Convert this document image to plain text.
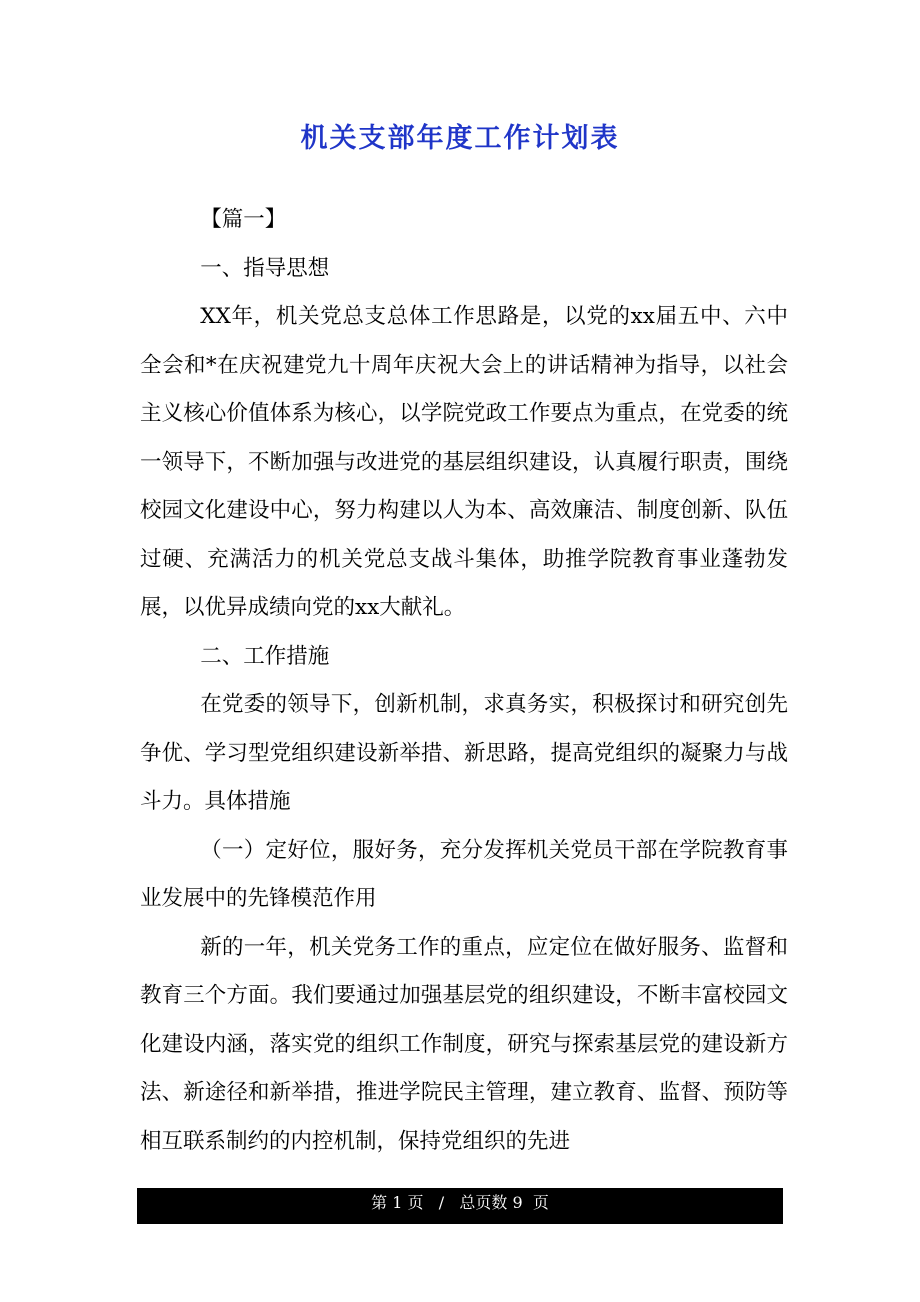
机关支部年度工作计划表

【篇一】

一、指导思想

XX年，机关党总支总体工作思路是，以党的xx届五中、六中全会和*在庆祝建党九十周年庆祝大会上的讲话精神为指导，以社会主义核心价值体系为核心，以学院党政工作要点为重点，在党委的统一领导下，不断加强与改进党的基层组织建设，认真履行职责，围绕校园文化建设中心，努力构建以人为本、高效廉洁、制度创新、队伍过硬、充满活力的机关党总支战斗集体，助推学院教育事业蓬勃发展，以优异成绩向党的xx大献礼。

二、工作措施

在党委的领导下，创新机制，求真务实，积极探讨和研究创先争优、学习型党组织建设新举措、新思路，提高党组织的凝聚力与战斗力。具体措施

（一）定好位，服好务，充分发挥机关党员干部在学院教育事业发展中的先锋模范作用

新的一年，机关党务工作的重点，应定位在做好服务、监督和教育三个方面。我们要通过加强基层党的组织建设，不断丰富校园文化建设内涵，落实党的组织工作制度，研究与探索基层党的建设新方法、新途径和新举措，推进学院民主管理，建立教育、监督、预防等相互联系制约的内控机制，保持党组织的先进

第 1 页   /   总页数 9  页
